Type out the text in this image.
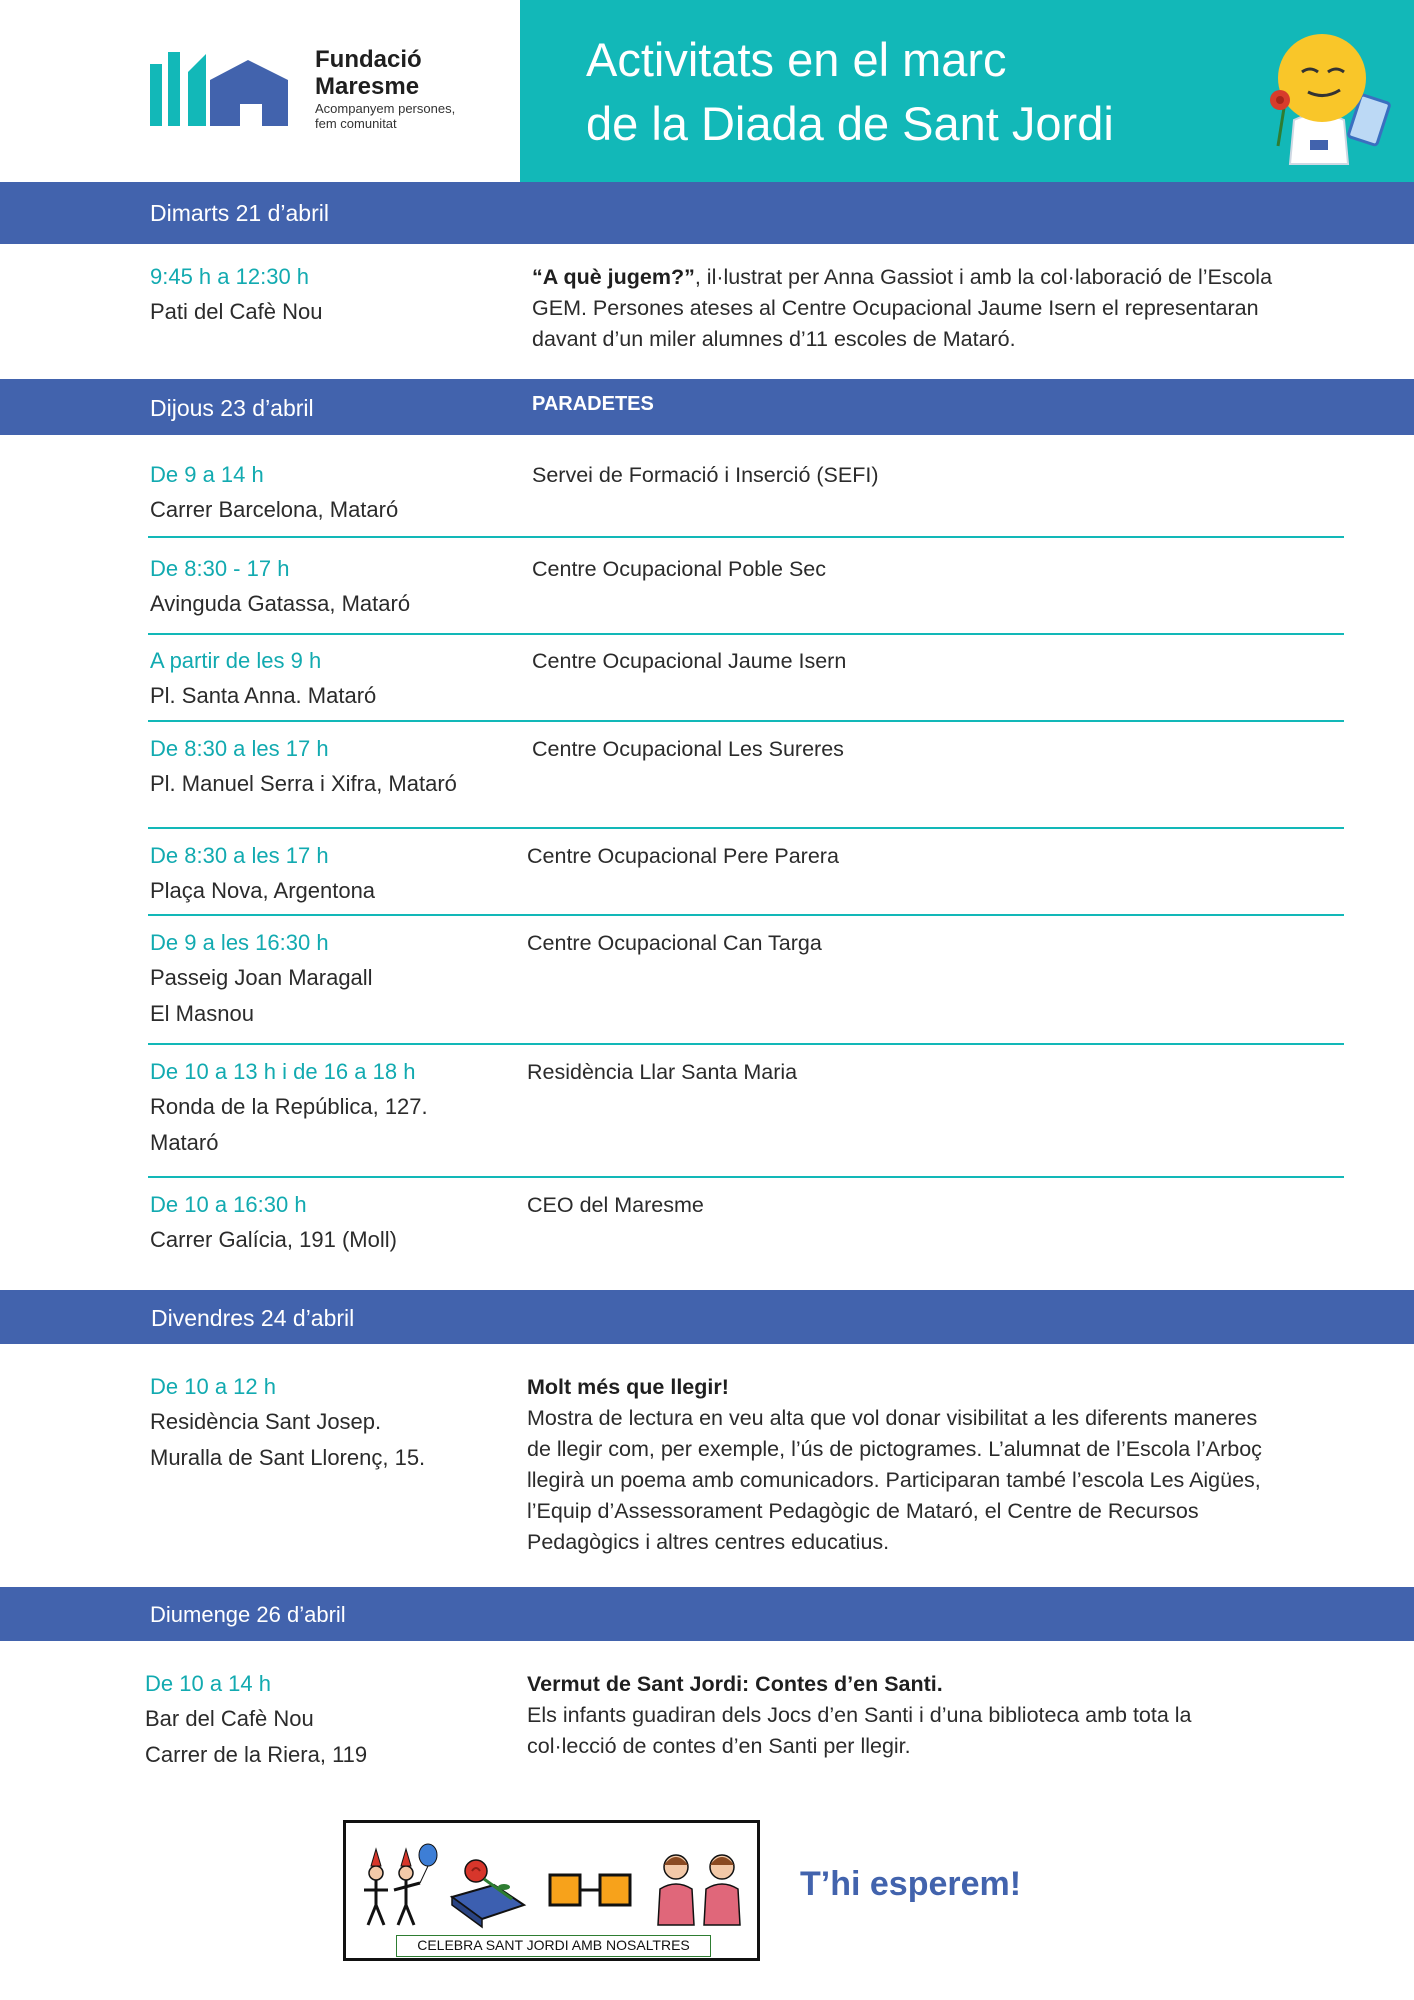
Fundació
Maresme
Acompanyem persones,
fem comunitat
Activitats en el marc
de la Diada de Sant Jordi
Dimarts 21 d’abril
9:45 h a 12:30 h
Pati del Cafè Nou
“A què jugem?”, il·lustrat per Anna Gassiot i amb la col·laboració de l’Escola
GEM. Persones ateses al Centre Ocupacional Jaume Isern el representaran
davant d’un miler alumnes d’11 escoles de Mataró.
Dijous 23 d’abril	PARADETES
De 9 a 14 h
Carrer Barcelona, Mataró
Servei de Formació i Inserció (SEFI)
De 8:30 - 17 h
Avinguda Gatassa, Mataró
Centre Ocupacional Poble Sec
A partir de les 9 h
Pl. Santa Anna. Mataró
Centre Ocupacional Jaume Isern
De 8:30 a les 17 h
Pl. Manuel Serra i Xifra, Mataró
Centre Ocupacional Les Sureres
De 8:30 a les 17 h
Plaça Nova, Argentona
Centre Ocupacional Pere Parera
De 9 a les 16:30 h
Passeig Joan Maragall
El Masnou
Centre Ocupacional Can Targa
De 10 a 13 h i de 16 a 18 h
Ronda de la República, 127.
Mataró
Residència Llar Santa Maria
De 10 a 16:30 h
Carrer Galícia, 191 (Moll)
CEO del Maresme
Divendres 24 d’abril
De 10 a 12 h
Residència Sant Josep.
Muralla de Sant Llorenç, 15.
Molt més que llegir!
Mostra de lectura en veu alta que vol donar visibilitat a les diferents maneres
de llegir com, per exemple, l’ús de pictogrames. L’alumnat de l’Escola l’Arboç
llegirà un poema amb comunicadors. Participaran també l’escola Les Aigües,
l’Equip d’Assessorament Pedagògic de Mataró, el Centre de Recursos
Pedagògics i altres centres educatius.
Diumenge 26 d’abril
De 10 a 14 h
Bar del Cafè Nou
Carrer de la Riera, 119
Vermut de Sant Jordi: Contes d’en Santi.
Els infants guadiran dels Jocs d’en Santi i d’una biblioteca amb tota la
col·lecció de contes d’en Santi per llegir.
CELEBRA SANT JORDI AMB NOSALTRES
T’hi esperem!
